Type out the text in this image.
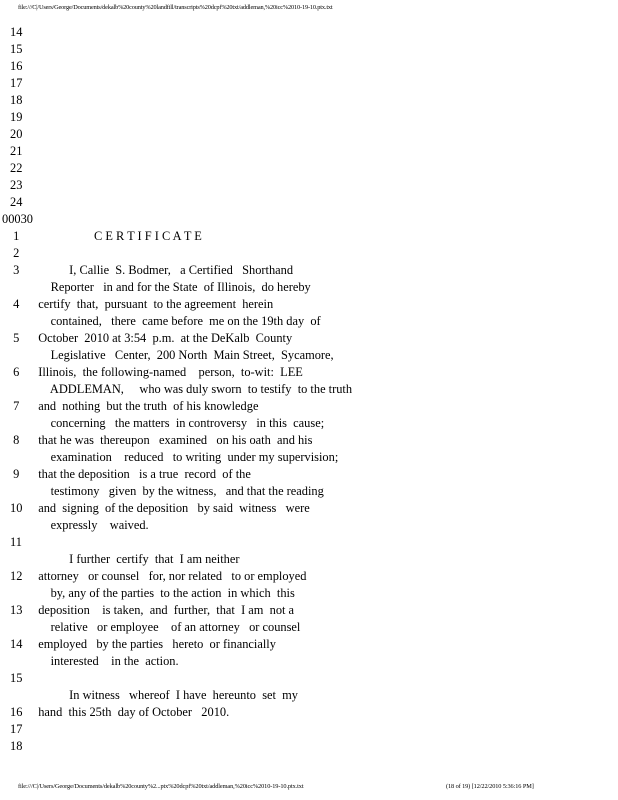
file:///C|/Users/George/Documents/dekalb%20county%20landfill/transcripts%20dcpf%20txt/addleman,%20icc%2010-19-10.ptx.txt
14
15
16
17
18
19
20
21
22
23
24
00030
1                    C E R T I F I C A T E
2
3            I, Callie  S. Bodmer,   a Certified   Shorthand
Reporter   in and for the State  of Illinois,  do hereby
4  certify  that,  pursuant  to the agreement  herein
contained,   there  came before  me on the 19th day  of
5  October  2010 at 3:54  p.m.  at the DeKalb  County
Legislative   Center,  200 North  Main Street,  Sycamore,
6  Illinois,  the following-named    person,  to-wit:  LEE
ADDLEMAN,     who was duly sworn  to testify  to the truth
7  and  nothing  but the truth  of his knowledge
concerning   the matters  in controversy   in this  cause;
8  that he was  thereupon   examined   on his oath  and his
examination    reduced   to writing  under my supervision;
9  that the deposition   is a true  record  of the
testimony   given  by the witness,   and that the reading
10  and  signing  of the deposition   by said  witness   were
expressly    waived.
11
I further  certify  that  I am neither
12  attorney   or counsel   for, nor related   to or employed
by, any of the parties  to the action  in which  this
13  deposition    is taken,  and  further,  that  I am  not a
relative   or employee    of an attorney   or counsel
14  employed   by the parties   hereto  or financially
interested    in the  action.
15
In witness   whereof  I have  hereunto  set  my
16  hand  this 25th  day of October   2010.
17
18
file:///C|/Users/George/Documents/dekalb%20county%2...ptx%20dcpf%20txt/addleman,%20icc%2010-19-10.ptx.txt	(18 of 19) [12/22/2010 5:36:16 PM]
